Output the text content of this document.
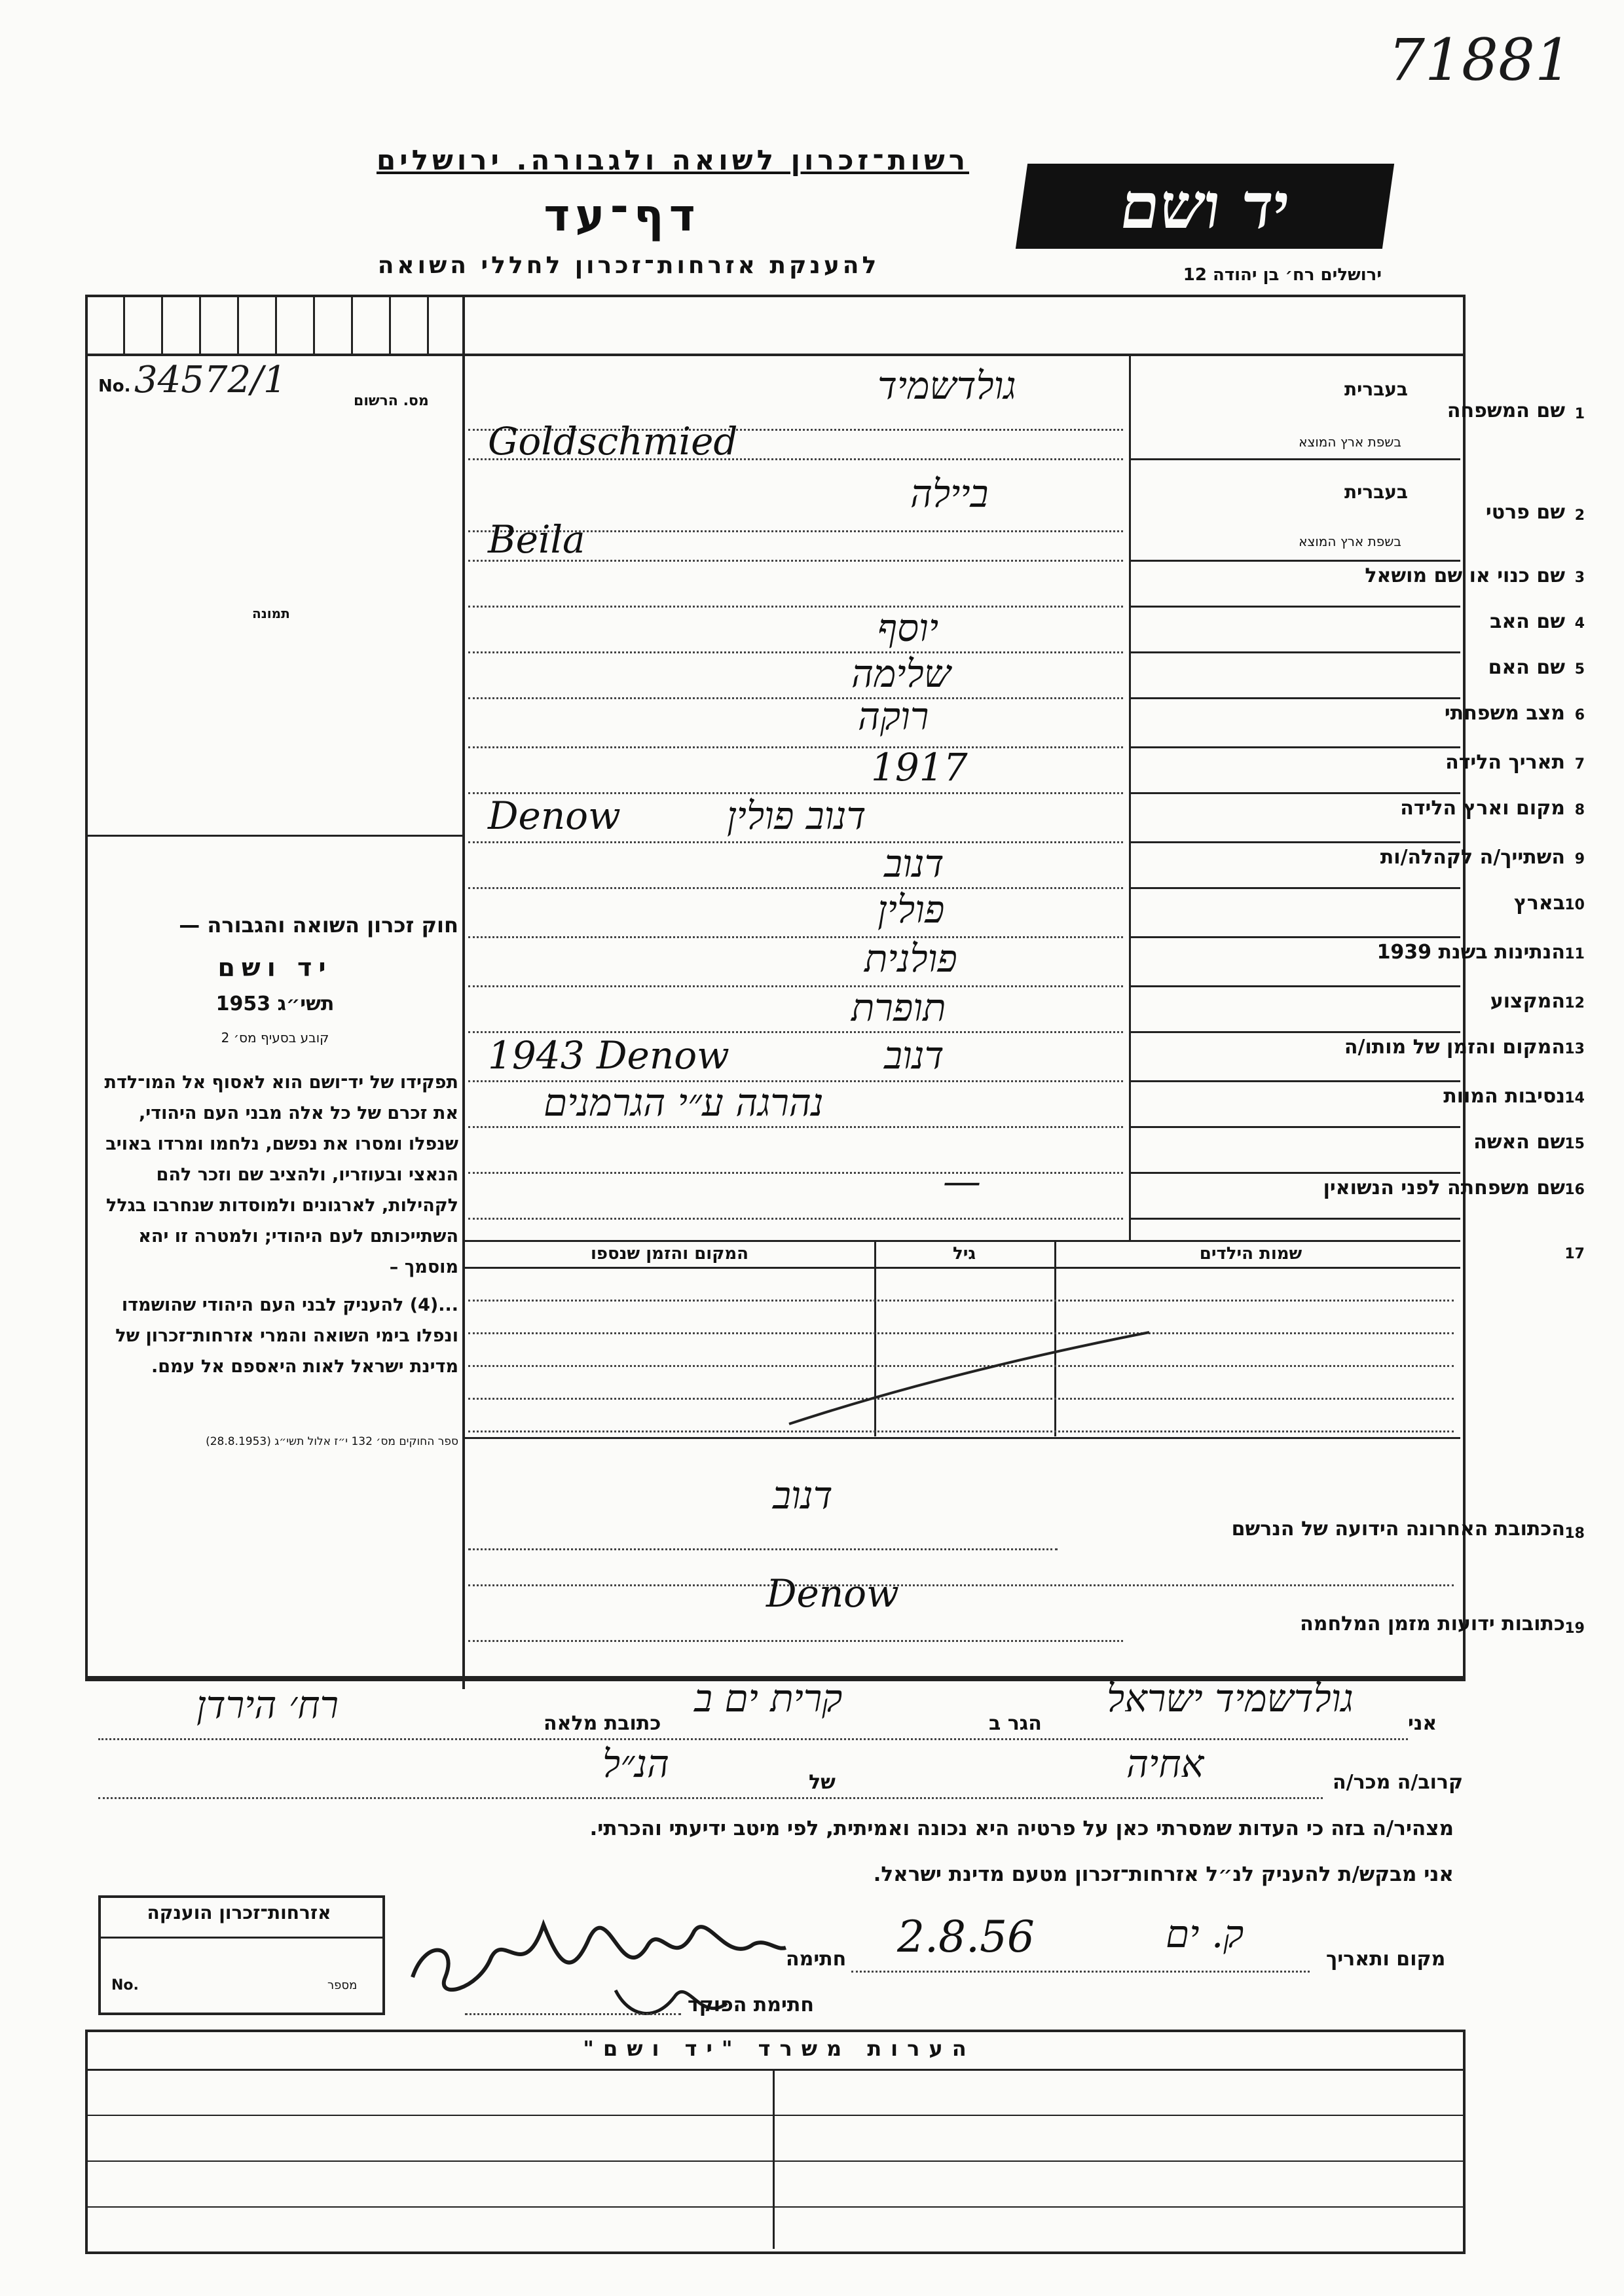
71881
רשות־זכרון לשואה ולגבורה. ירושלים
דף־עד
להענקת אזרחות־זכרון לחללי השואה
יד ושם
ירושלים רח׳ בן יהודה 12
No.
מס. הרשום
34572/1
תמונה
1
שם המשפחה
בעברית
בשפת ארץ המוצא
גולדשמיד
Goldschmied
2
שם פרטי
בעברית
בשפת ארץ המוצא
ביילה
Beila
3
שם כנוי או שם מושאל
4
שם האב
יוסף
5
שם האם
שלימה
6
מצב משפחתי
רוקה
7
תאריך הלידה
1917
8
מקום וארץ הלידה
דנוב פולין
Denow
9
השתייך/ה לקהלה/ות
דנוב
10
בארץ
פולין
11
הנתינות בשנת 1939
פולנית
12
המקצוע
תופרת
13
המקום והזמן של מותו/ה
דנוב
1943 Denow
14
נסיבות המוות
נהרגה ע״י הגרמנים
15
שם האשה
16
שם משפחתה לפני הנשואין
—
17
שמות הילדים
גיל
המקום והזמן שנספו
18
הכתובת האחרונה הידועה של הנרשם
דנוב
19
כתובות ידועות מזמן המלחמה
Denow
חוק זכרון השואה והגבורה —
יד ושם
תשי״ג 1953
קובע בסעיף מס׳ 2
תפקידו של יד־ושם הוא לאסוף אל המו־לדת את זכרם של כל אלה מבני העם היהודי, שנפלו ומסרו את נפשם, נלחמו ומרדו באויב הנאצי ובעוזריו, ולהציב שם וזכר להם לקהילות, לארגונים ולמוסדות שנחרבו בגלל השתייכותם לעם היהודי; ולמטרה זו יהא מוסמך –
...(4) להעניק לבני העם היהודי שהושמדו ונפלו בימי השואה והמרי אזרחות־זכרון של מדינת ישראל לאות היאספם אל עמם.
ספר החוקים מס׳ 132 י״ז אלול תשי״ג (28.8.1953)
אני
גולדשמיד ישראל
הגר ב
קרית ים ב
כתובת מלאה
רח׳ הירדן
קרוב/ה מכר/ה
אחיה
של
הנ״ל
מצהיר/ה בזה כי העדות שמסרתי כאן על פרטיה היא נכונה ואמיתית, לפי מיטב ידיעתי והכרתי.
אני מבקש/ת להעניק לנ״ל אזרחות־זכרון מטעם מדינת ישראל.
מקום ותאריך
ק. ים
2.8.56
חתימה
חתימת הפוקד
אזרחות־זכרון הוענקה
No.	מספר
הערות משרד "יד ושם"
